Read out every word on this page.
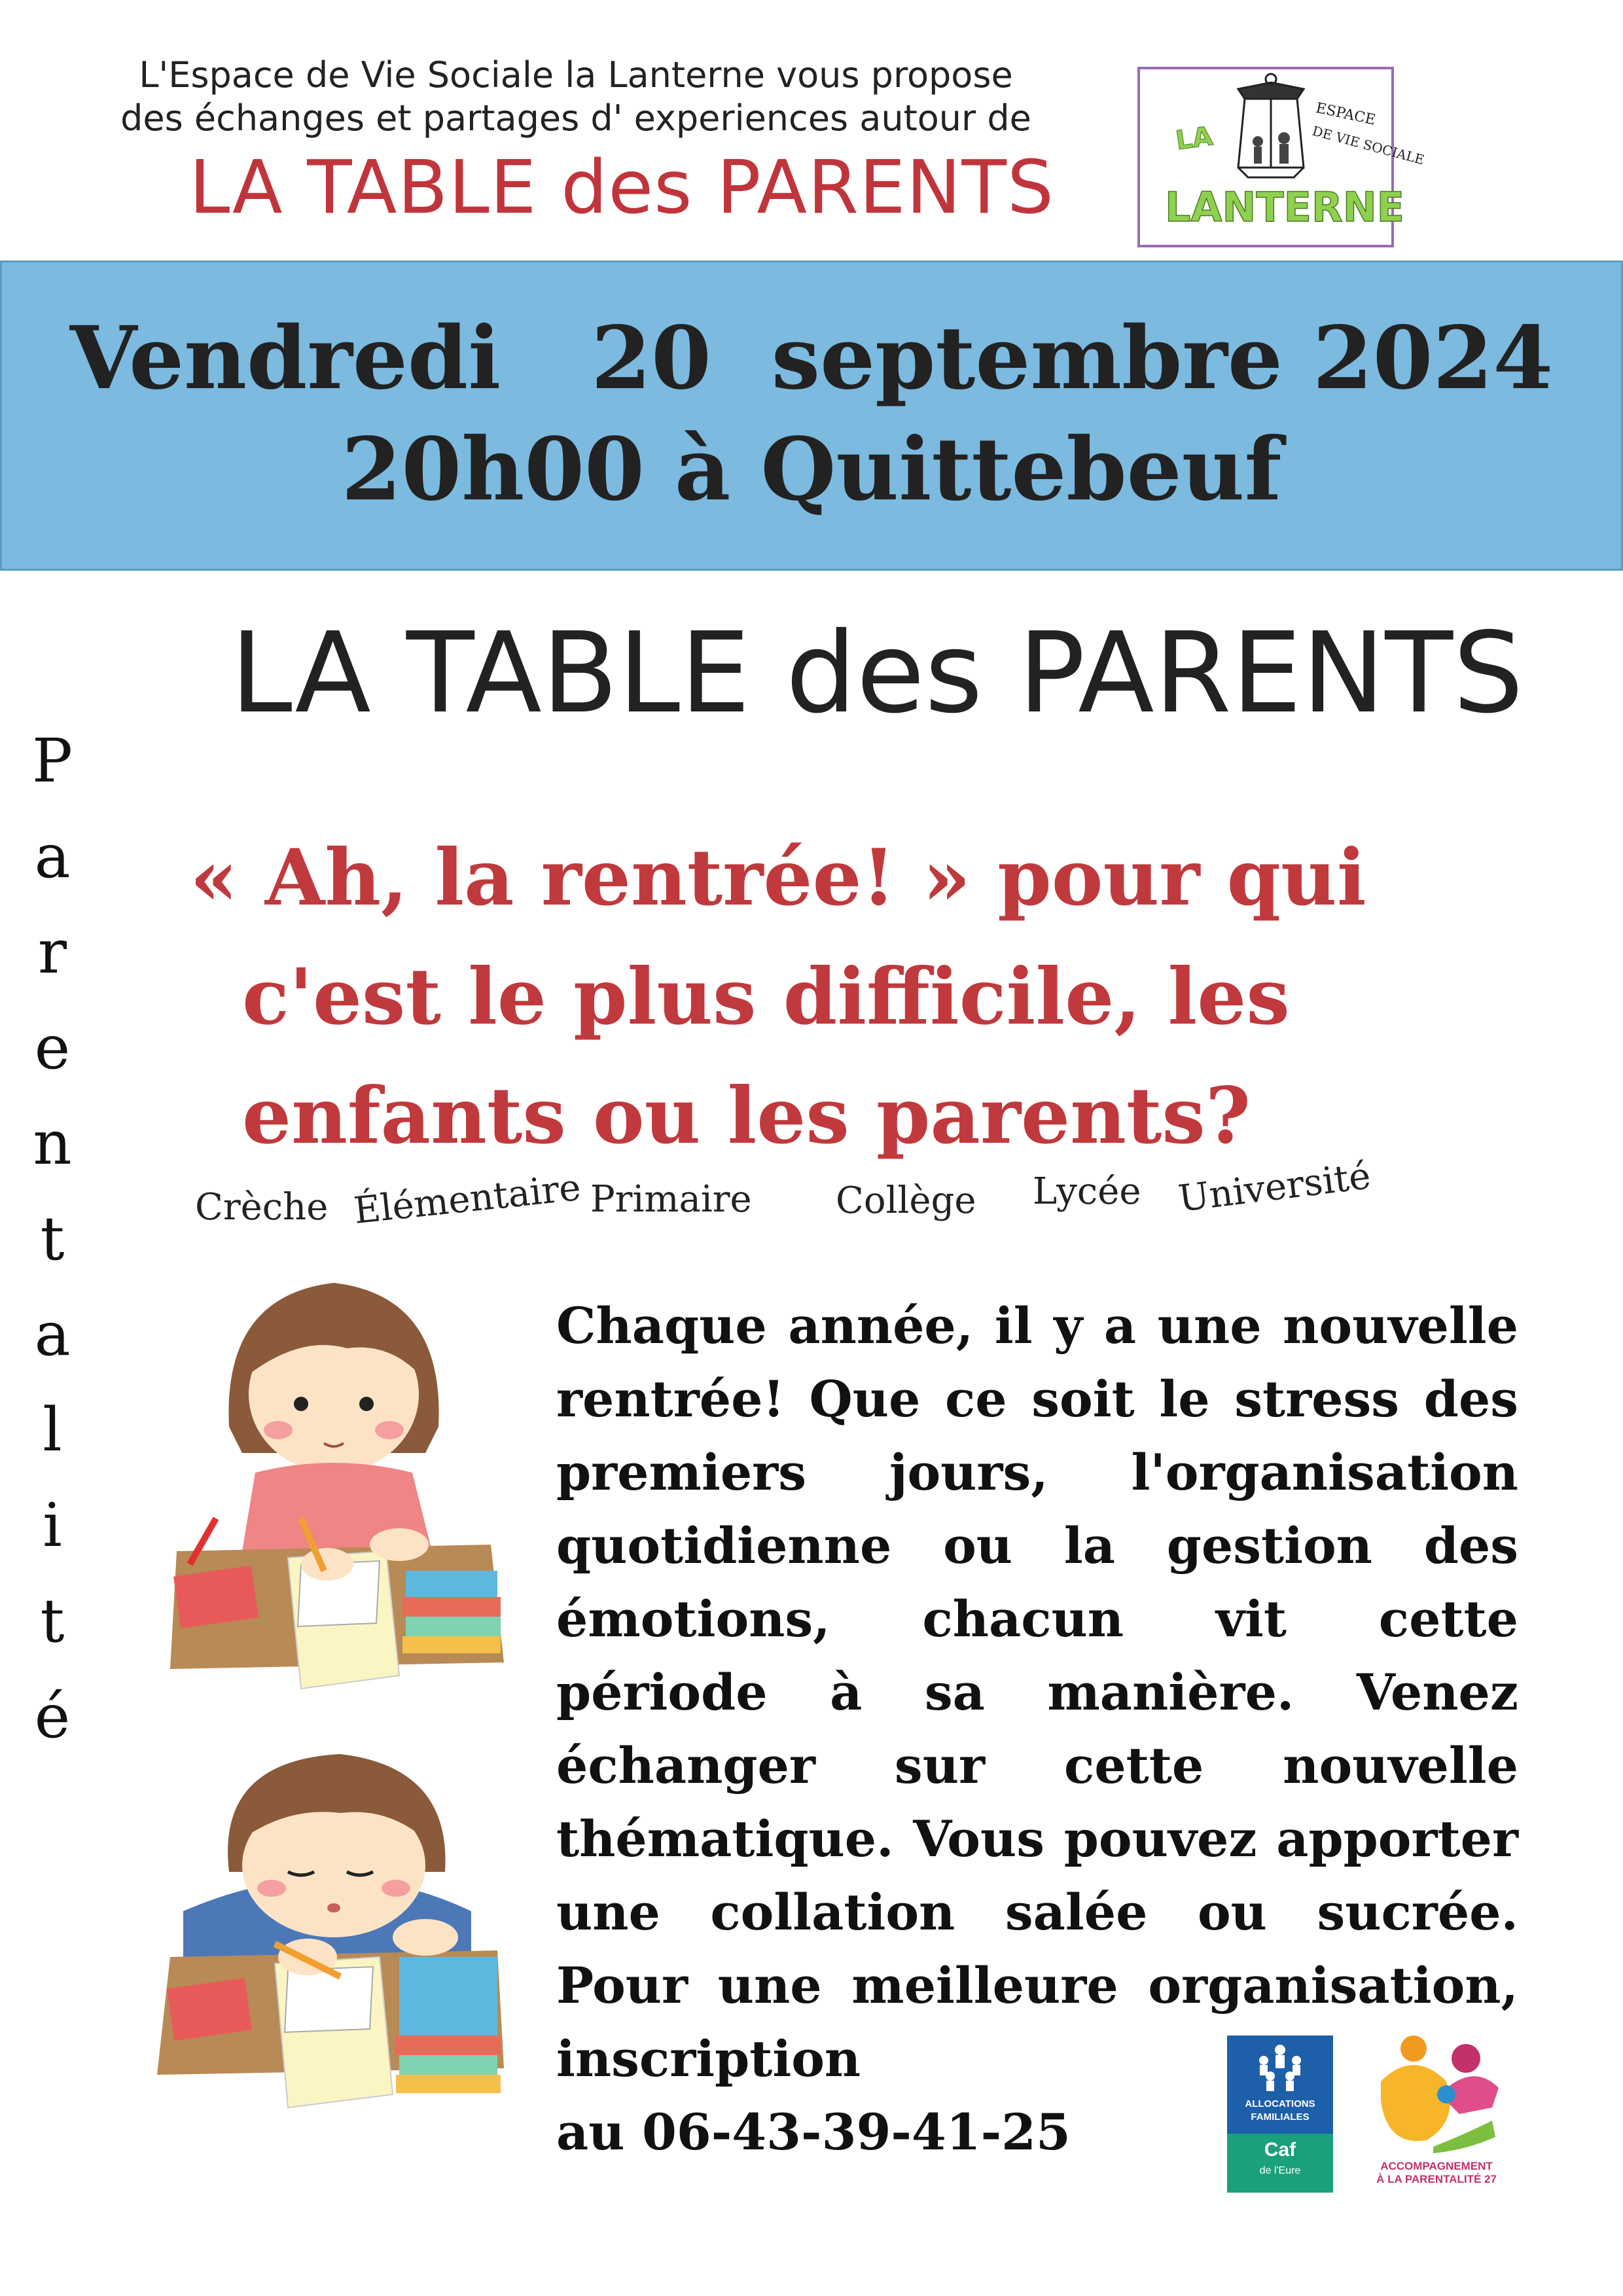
L'Espace de Vie Sociale la Lanterne vous propose
des échanges et partages d' experiences autour de
LA TABLE des PARENTS
LA
LANTERNE
ESPACE
DE VIE SOCIALE
Vendredi   20  septembre 2024
20h00 à Quittebeuf
LA TABLE des PARENTS
P
a
r
e
n
t
a
l
i
t
é
« Ah, la rentrée! » pour qui
c'est le plus difficile, les
enfants ou les parents?
Crèche Élémentaire Primaire Collège Lycée Université
Chaque année, il y a une nouvelle rentrée! Que ce soit le stress des premiers jours, l'organisation quotidienne ou la gestion des émotions, chacun vit cette période à sa manière. Venez échanger sur cette nouvelle thématique. Vous pouvez apporter une collation salée ou sucrée. Pour une meilleure organisation, inscription
au 06-43-39-41-25	ALLOCATIONS
FAMILIALES
Caf
de l'Eure	ACCOMPAGNEMENT
À LA PARENTALITÉ 27
